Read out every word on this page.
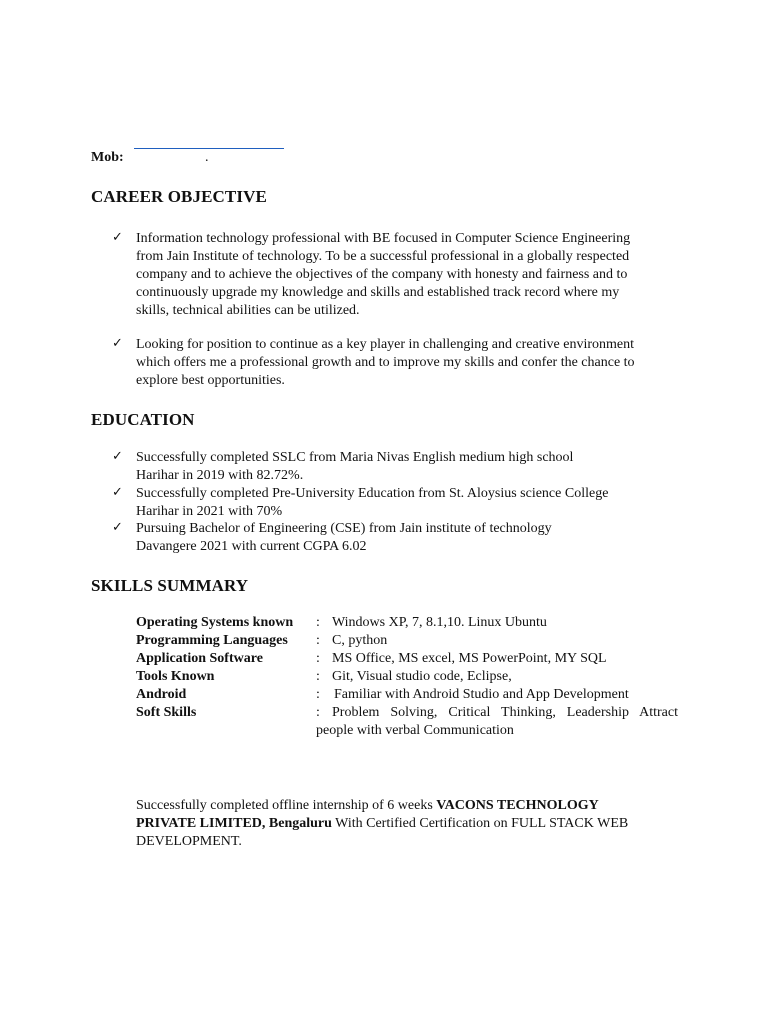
Mob:	.
CAREER OBJECTIVE
✓ Information technology professional with BE focused in Computer Science Engineering
from Jain Institute of technology. To be a successful professional in a globally respected
company and to achieve the objectives of the company with honesty and fairness and to
continuously upgrade my knowledge and skills and established track record where my
skills, technical abilities can be utilized.
✓ Looking for position to continue as a key player in challenging and creative environment
which offers me a professional growth and to improve my skills and confer the chance to
explore best opportunities.
EDUCATION
✓ Successfully completed SSLC from Maria Nivas English medium high school
Harihar in 2019 with 82.72%.
✓ Successfully completed Pre-University Education from St. Aloysius science College
Harihar in 2021 with 70%
✓ Pursuing Bachelor of Engineering (CSE) from Jain institute of technology
Davangere 2021 with current CGPA 6.02
SKILLS SUMMARY
Operating Systems known : Windows XP, 7, 8.1,10. Linux Ubuntu
Programming Languages : C, python
Application Software	: MS Office, MS excel, MS PowerPoint, MY SQL
Tools Known	: Git, Visual studio code, Eclipse,
Android	: Familiar with Android Studio and App Development
Soft Skills	: Problem Solving, Critical Thinking, Leadership Attract
people with verbal Communication
Successfully completed offline internship of 6 weeks VACONS TECHNOLOGY
PRIVATE LIMITED, Bengaluru With Certified Certification on FULL STACK WEB
DEVELOPMENT.
